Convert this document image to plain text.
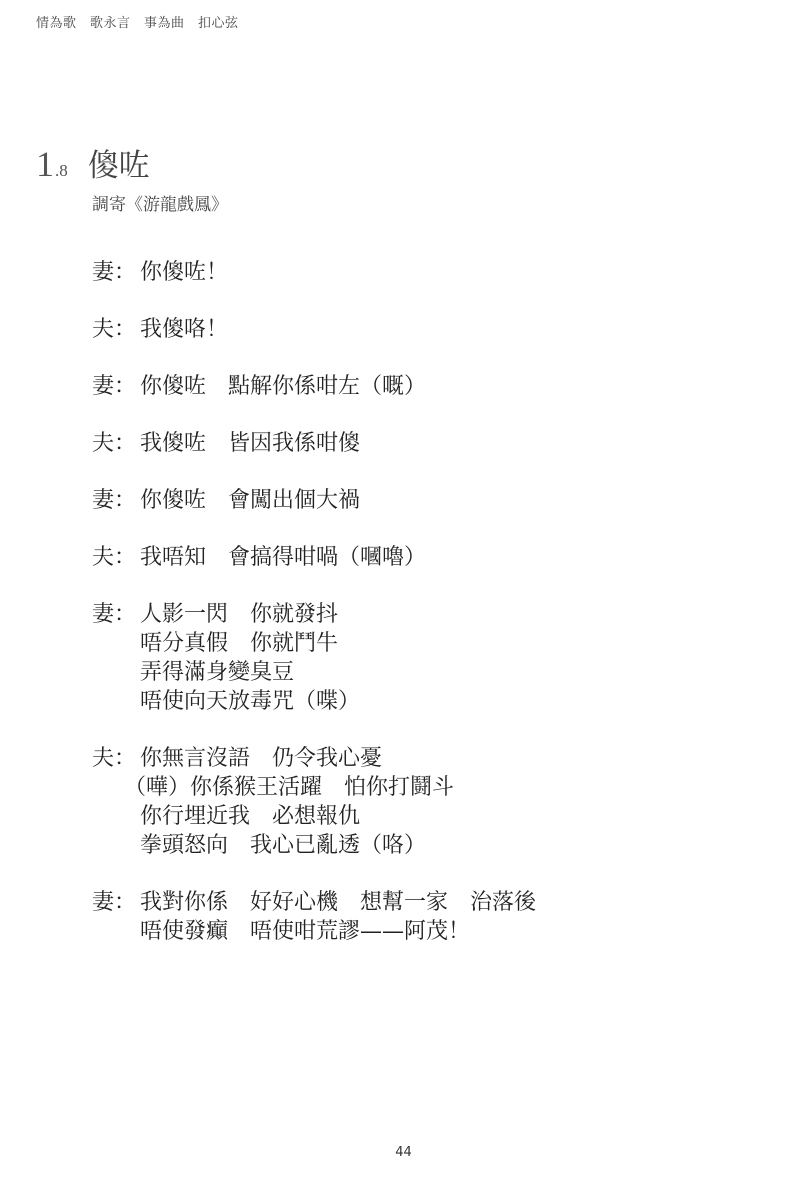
情為歌　歌永言　事為曲　扣心弦
1 .8 傻咗
調寄《游龍戲鳳》
妻： 你傻咗！
夫： 我傻咯！
妻： 你傻咗　點解你係咁左（嘅）
夫： 我傻咗　皆因我係咁傻
妻： 你傻咗　會闖出個大禍
夫： 我唔知　會搞得咁喎（嘓嚕）
妻： 人影一閃　你就發抖
唔分真假　你就鬥牛
弄得滿身變臭豆
唔使向天放毒咒（喋）
夫： 你無言沒語　仍令我心憂
（嘩）你係猴王活躍　怕你打鬪斗
你行埋近我　必想報仇
拳頭怒向　我心已亂透（咯）
妻： 我對你係　好好心機　想幫一家　治落後
唔使發癲　唔使咁荒謬——阿茂！
44
